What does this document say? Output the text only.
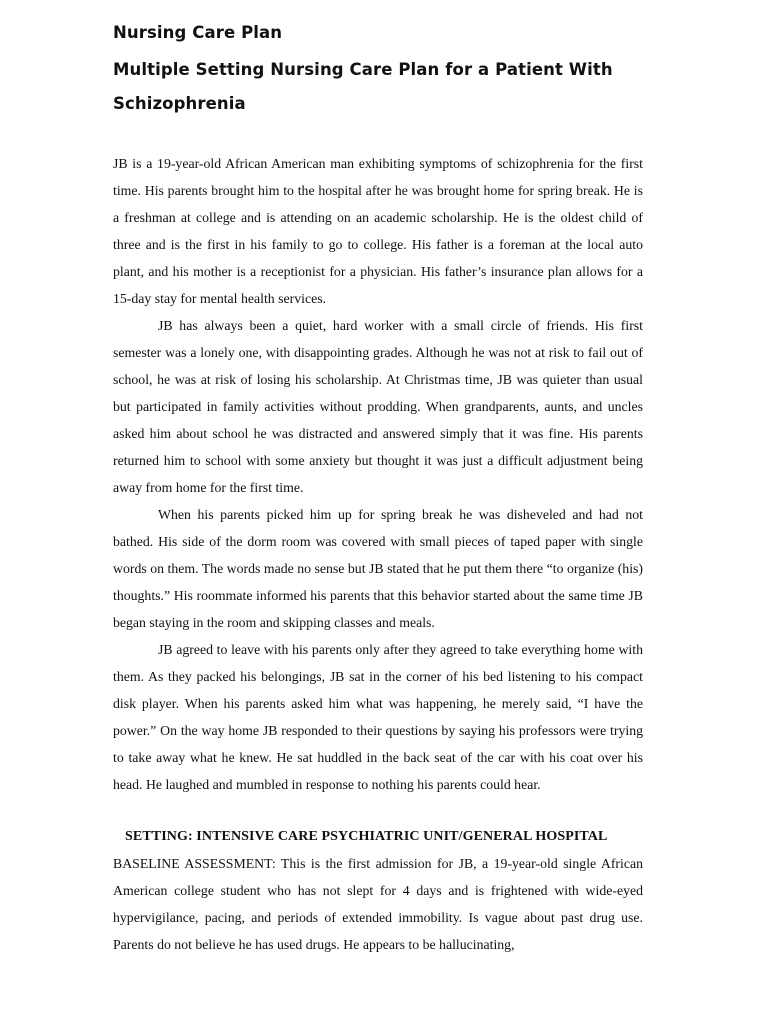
Nursing Care Plan
Multiple Setting Nursing Care Plan for a Patient With
Schizophrenia

JB is a 19-year-old African American man exhibiting symptoms of schizophrenia for the first time. His parents brought him to the hospital after he was brought home for spring break. He is a freshman at college and is attending on an academic scholarship. He is the oldest child of three and is the first in his family to go to college. His father is a foreman at the local auto plant, and his mother is a receptionist for a physician. His father’s insurance plan allows for a 15-day stay for mental health services.

JB has always been a quiet, hard worker with a small circle of friends. His first semester was a lonely one, with disappointing grades. Although he was not at risk to fail out of school, he was at risk of losing his scholarship. At Christmas time, JB was quieter than usual but participated in family activities without prodding. When grandparents, aunts, and uncles asked him about school he was distracted and answered simply that it was fine. His parents returned him to school with some anxiety but thought it was just a difficult adjustment being away from home for the first time.

When his parents picked him up for spring break he was disheveled and had not bathed. His side of the dorm room was covered with small pieces of taped paper with single words on them. The words made no sense but JB stated that he put them there “to organize (his) thoughts.” His roommate informed his parents that this behavior started about the same time JB began staying in the room and skipping classes and meals.

JB agreed to leave with his parents only after they agreed to take everything home with them. As they packed his belongings, JB sat in the corner of his bed listening to his compact disk player. When his parents asked him what was happening, he merely said, “I have the power.” On the way home JB responded to their questions by saying his professors were trying to take away what he knew. He sat huddled in the back seat of the car with his coat over his head. He laughed and mumbled in response to nothing his parents could hear.

SETTING: INTENSIVE CARE PSYCHIATRIC UNIT/GENERAL HOSPITAL

BASELINE ASSESSMENT: This is the first admission for JB, a 19-year-old single African American college student who has not slept for 4 days and is frightened with wide-eyed hypervigilance, pacing, and periods of extended immobility. Is vague about past drug use. Parents do not believe he has used drugs. He appears to be hallucinating,
